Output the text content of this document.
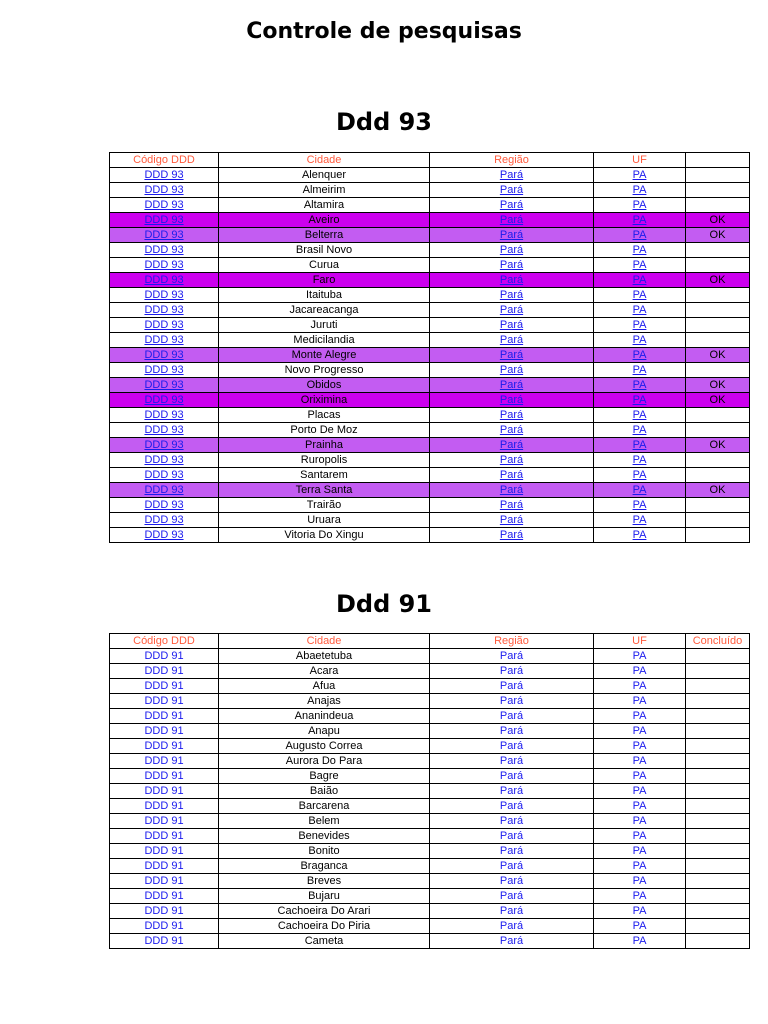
Controle de pesquisas
Ddd 93
Código DDD	Cidade	Região	UF	
DDD 93	Alenquer	Pará	PA	
DDD 93	Almeirim	Pará	PA	
DDD 93	Altamira	Pará	PA	
DDD 93	Aveiro	Pará	PA	OK
DDD 93	Belterra	Pará	PA	OK
DDD 93	Brasil Novo	Pará	PA	
DDD 93	Curua	Pará	PA	
DDD 93	Faro	Pará	PA	OK
DDD 93	Itaituba	Pará	PA	
DDD 93	Jacareacanga	Pará	PA	
DDD 93	Juruti	Pará	PA	
DDD 93	Medicilandia	Pará	PA	
DDD 93	Monte Alegre	Pará	PA	OK
DDD 93	Novo Progresso	Pará	PA	
DDD 93	Obidos	Pará	PA	OK
DDD 93	Oriximina	Pará	PA	OK
DDD 93	Placas	Pará	PA	
DDD 93	Porto De Moz	Pará	PA	
DDD 93	Prainha	Pará	PA	OK
DDD 93	Ruropolis	Pará	PA	
DDD 93	Santarem	Pará	PA	
DDD 93	Terra Santa	Pará	PA	OK
DDD 93	Trairão	Pará	PA	
DDD 93	Uruara	Pará	PA	
DDD 93	Vitoria Do Xingu	Pará	PA	
Ddd 91
Código DDD	Cidade	Região	UF	Concluído
DDD 91	Abaetetuba	Pará	PA	
DDD 91	Acara	Pará	PA	
DDD 91	Afua	Pará	PA	
DDD 91	Anajas	Pará	PA	
DDD 91	Ananindeua	Pará	PA	
DDD 91	Anapu	Pará	PA	
DDD 91	Augusto Correa	Pará	PA	
DDD 91	Aurora Do Para	Pará	PA	
DDD 91	Bagre	Pará	PA	
DDD 91	Baião	Pará	PA	
DDD 91	Barcarena	Pará	PA	
DDD 91	Belem	Pará	PA	
DDD 91	Benevides	Pará	PA	
DDD 91	Bonito	Pará	PA	
DDD 91	Braganca	Pará	PA	
DDD 91	Breves	Pará	PA	
DDD 91	Bujaru	Pará	PA	
DDD 91	Cachoeira Do Arari	Pará	PA	
DDD 91	Cachoeira Do Piria	Pará	PA	
DDD 91	Cameta	Pará	PA	
